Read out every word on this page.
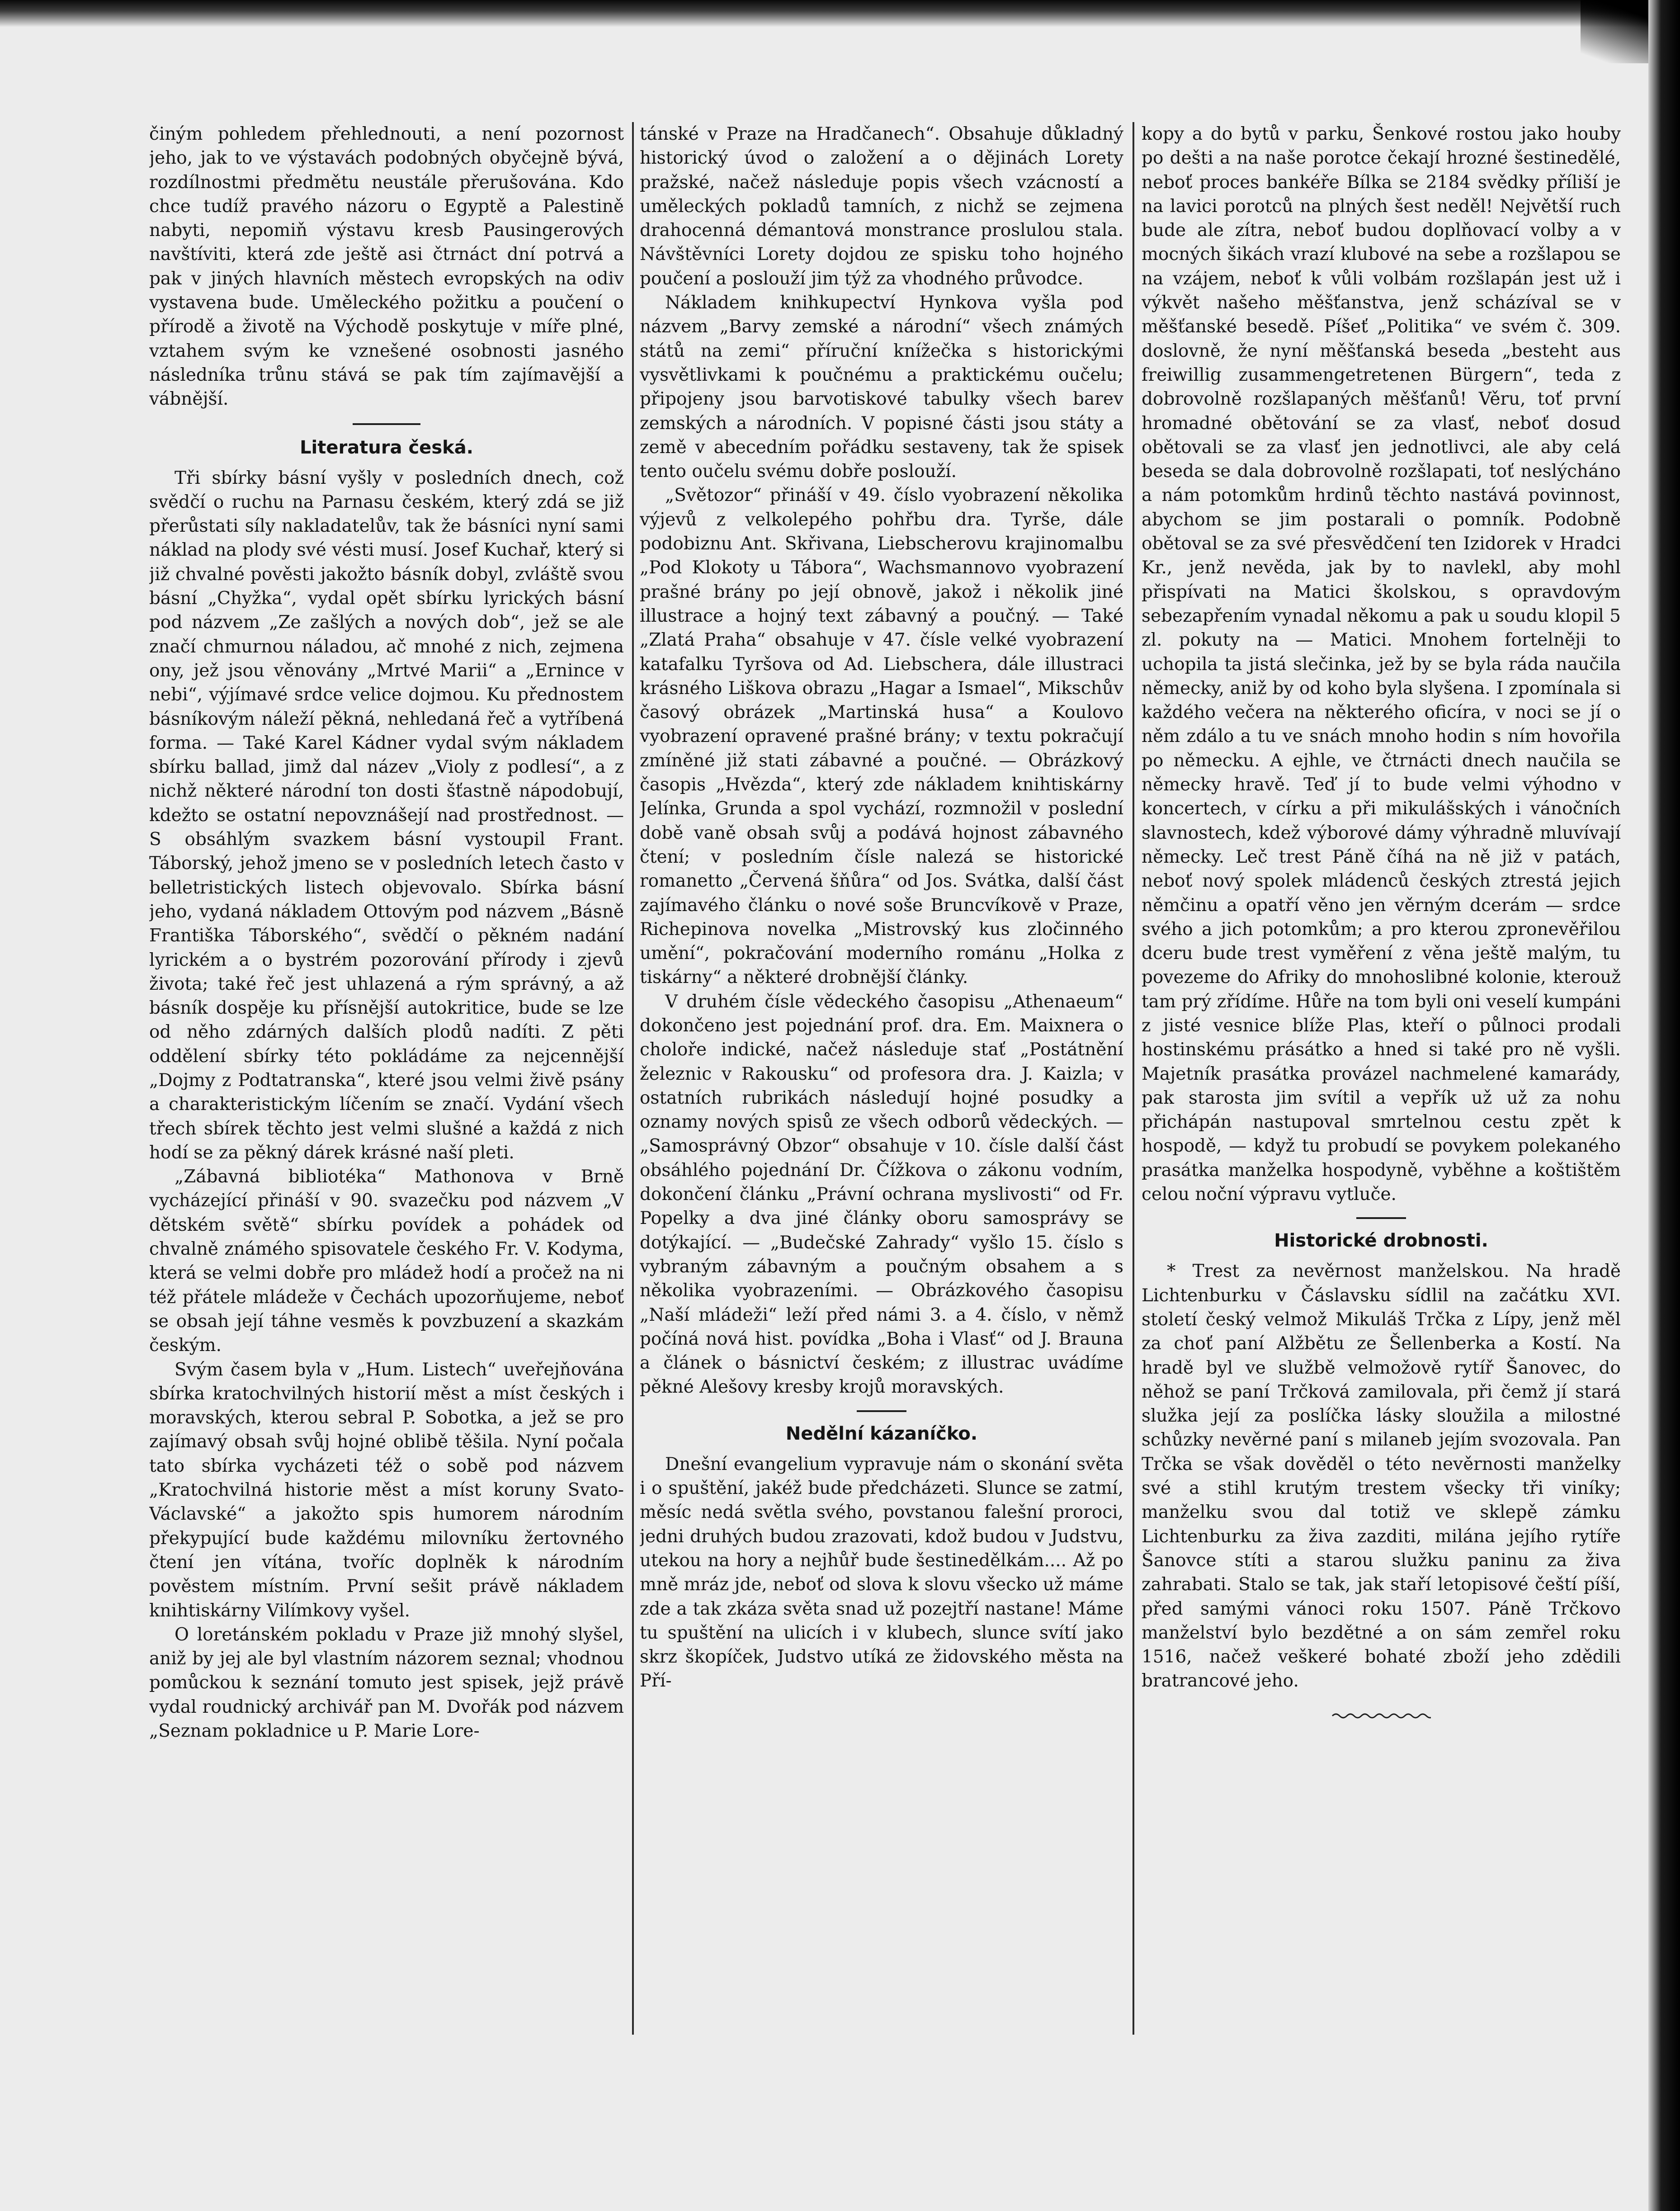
činým pohledem přehlednouti, a není pozornost jeho, jak to ve výstavách podobných obyčejně bývá, rozdílnostmi předmětu neustále přerušována. Kdo chce tudíž pravého názoru o Egyptě a Palestině nabyti, nepomiň výstavu kresb Pausingerových navštíviti, která zde ještě asi čtrnáct dní potrvá a pak v jiných hlavních městech evropských na odiv vystavena bude. Uměleckého požitku a poučení o přírodě a životě na Východě poskytuje v míře plné, vztahem svým ke vznešené osobnosti jasného následníka trůnu stává se pak tím zajímavější a vábnější.

Literatura česká.

Tři sbírky básní vyšly v posledních dnech, což svědčí o ruchu na Parnasu českém, který zdá se již přerůstati síly nakladatelův, tak že básníci nyní sami náklad na plody své vésti musí. Josef Kuchař, který si již chvalné pověsti jakožto básník dobyl, zvláště svou básní „Chyžka“, vydal opět sbírku lyrických básní pod názvem „Ze zašlých a nových dob“, jež se ale značí chmurnou náladou, ač mnohé z nich, zejmena ony, jež jsou věnovány „Mrtvé Marii“ a „Ernince v nebi“, výjímavé srdce velice dojmou. Ku přednostem básníkovým náleží pěkná, nehledaná řeč a vytříbená forma. — Také Karel Kádner vydal svým nákladem sbírku ballad, jimž dal název „Violy z podlesí“, a z nichž některé národní ton dosti šťastně nápodobují, kdežto se ostatní nepovznášejí nad prostřednost. — S obsáhlým svazkem básní vystoupil Frant. Táborský, jehož jmeno se v posledních letech často v belletristických listech objevovalo. Sbírka básní jeho, vydaná nákladem Ottovým pod názvem „Básně Františka Táborského“, svědčí o pěkném nadání lyrickém a o bystrém pozorování přírody i zjevů života; také řeč jest uhlazená a rým správný, a až básník dospěje ku přísnější autokritice, bude se lze od něho zdárných dalších plodů nadíti. Z pěti oddělení sbírky této pokládáme za nejcennější „Dojmy z Podtatranska“, které jsou velmi živě psány a charakteristickým líčením se značí. Vydání všech třech sbírek těchto jest velmi slušné a každá z nich hodí se za pěkný dárek krásné naší pleti.

„Zábavná bibliotéka“ Mathonova v Brně vycházející přináší v 90. svazečku pod názvem „V dětském světě“ sbírku povídek a pohádek od chvalně známého spisovatele českého Fr. V. Kodyma, která se velmi dobře pro mládež hodí a pročež na ni též přátele mládeže v Čechách upozorňujeme, neboť se obsah její táhne vesměs k povzbuzení a skazkám českým.

Svým časem byla v „Hum. Listech“ uveřejňována sbírka kratochvilných historií měst a míst českých i moravských, kterou sebral P. Sobotka, a jež se pro zajímavý obsah svůj hojné oblibě těšila. Nyní počala tato sbírka vycházeti též o sobě pod názvem „Kratochvilná historie měst a míst koruny Svato-Václavské“ a jakožto spis humorem národním překypující bude každému milovníku žertovného čtení jen vítána, tvoříc doplněk k národním pověstem místním. První sešit právě nákladem knihtiskárny Vilímkovy vyšel.

O loretánském pokladu v Praze již mnohý slyšel, aniž by jej ale byl vlastním názorem seznal; vhodnou pomůckou k seznání tomuto jest spisek, jejž právě vydal roudnický archivář pan M. Dvořák pod názvem „Seznam pokladnice u P. Marie Lore-

tánské v Praze na Hradčanech“. Obsahuje důkladný historický úvod o založení a o dějinách Lorety pražské, načež následuje popis všech vzácností a uměleckých pokladů tamních, z nichž se zejmena drahocenná démantová monstrance proslulou stala. Návštěvníci Lorety dojdou ze spisku toho hojného poučení a poslouží jim týž za vhodného průvodce.

Nákladem knihkupectví Hynkova vyšla pod názvem „Barvy zemské a národní“ všech známých států na zemi“ příruční knížečka s historickými vysvětlivkami k poučnému a praktickému oučelu; připojeny jsou barvotiskové tabulky všech barev zemských a národních. V popisné části jsou státy a země v abecedním pořádku sestaveny, tak že spisek tento oučelu svému dobře poslouží.

„Světozor“ přináší v 49. číslo vyobrazení několika výjevů z velkolepého pohřbu dra. Tyrše, dále podobiznu Ant. Skřivana, Liebscherovu krajinomalbu „Pod Klokoty u Tábora“, Wachsmannovo vyobrazení prašné brány po její obnově, jakož i několik jiné illustrace a hojný text zábavný a poučný. — Také „Zlatá Praha“ obsahuje v 47. čísle velké vyobrazení katafalku Tyršova od Ad. Liebschera, dále illustraci krásného Liškova obrazu „Hagar a Ismael“, Mikschův časový obrázek „Martinská husa“ a Koulovo vyobrazení opravené prašné brány; v textu pokračují zmíněné již stati zábavné a poučné. — Obrázkový časopis „Hvězda“, který zde nákladem knihtiskárny Jelínka, Grunda a spol vychází, rozmnožil v poslední době vaně obsah svůj a podává hojnost zábavného čtení; v posledním čísle nalezá se historické romanetto „Červená šňůra“ od Jos. Svátka, další část zajímavého článku o nové soše Bruncvíkově v Praze, Richepinova novelka „Mistrovský kus zločinného umění“, pokračování moderního románu „Holka z tiskárny“ a některé drobnější články.

V druhém čísle vědeckého časopisu „Athenaeum“ dokončeno jest pojednání prof. dra. Em. Maixnera o choloře indické, načež následuje stať „Postátnění železnic v Rakousku“ od profesora dra. J. Kaizla; v ostatních rubrikách následují hojné posudky a oznamy nových spisů ze všech odborů vědeckých. — „Samosprávný Obzor“ obsahuje v 10. čísle další část obsáhlého pojednání Dr. Čížkova o zákonu vodním, dokončení článku „Právní ochrana myslivosti“ od Fr. Popelky a dva jiné články oboru samosprávy se dotýkající. — „Budečské Zahrady“ vyšlo 15. číslo s vybraným zábavným a poučným obsahem a s několika vyobrazeními. — Obrázkového časopisu „Naší mládeži“ leží před námi 3. a 4. číslo, v němž počíná nová hist. povídka „Boha i Vlasť“ od J. Brauna a článek o básnictví českém; z illustrac uvádíme pěkné Alešovy kresby krojů moravských.

Nedělní kázaníčko.

Dnešní evangelium vypravuje nám o skonání světa i o spuštění, jakéž bude předcházeti. Slunce se zatmí, měsíc nedá světla svého, povstanou falešní proroci, jedni druhých budou zrazovati, kdož budou v Judstvu, utekou na hory a nejhůř bude šestinedělkám.... Až po mně mráz jde, neboť od slova k slovu všecko už máme zde a tak zkáza světa snad už pozejtří nastane! Máme tu spuštění na ulicích i v klubech, slunce svítí jako skrz škopíček, Judstvo utíká ze židovského města na Pří-

kopy a do bytů v parku, Šenkové rostou jako houby po dešti a na naše porotce čekají hrozné šestinedělé, neboť proces bankéře Bílka se 2184 svědky příliší je na lavici porotců na plných šest neděl! Největší ruch bude ale zítra, neboť budou doplňovací volby a v mocných šikách vrazí klubové na sebe a rozšlapou se na vzájem, neboť k vůli volbám rozšlapán jest už i výkvět našeho měšťanstva, jenž scházíval se v měšťanské besedě. Píšeť „Politika“ ve svém č. 309. doslovně, že nyní měšťanská beseda „besteht aus freiwillig zusammengetretenen Bürgern“, teda z dobrovolně rozšlapaných měšťanů! Věru, toť první hromadné obětování se za vlasť, neboť dosud obětovali se za vlasť jen jednotlivci, ale aby celá beseda se dala dobrovolně rozšlapati, toť neslýcháno a nám potomkům hrdinů těchto nastává povinnost, abychom se jim postarali o pomník. Podobně obětoval se za své přesvědčení ten Izidorek v Hradci Kr., jenž nevěda, jak by to navlekl, aby mohl přispívati na Matici školskou, s opravdovým sebezapřením vynadal někomu a pak u soudu klopil 5 zl. pokuty na — Matici. Mnohem fortelněji to uchopila ta jistá slečinka, jež by se byla ráda naučila německy, aniž by od koho byla slyšena. I zpomínala si každého večera na některého oficíra, v noci se jí o něm zdálo a tu ve snách mnoho hodin s ním hovořila po německu. A ejhle, ve čtrnácti dnech naučila se německy hravě. Teď jí to bude velmi výhodno v koncertech, v círku a při mikulášských i vánočních slavnostech, kdež výborové dámy výhradně mluvívají německy. Leč trest Páně číhá na ně již v patách, neboť nový spolek mládenců českých ztrestá jejich němčinu a opatří věno jen věrným dcerám — srdce svého a jich potomkům; a pro kterou zpronevěřilou dceru bude trest vyměření z věna ještě malým, tu povezeme do Afriky do mnohoslibné kolonie, kterouž tam prý zřídíme. Hůře na tom byli oni veselí kumpáni z jisté vesnice blíže Plas, kteří o půlnoci prodali hostinskému prásátko a hned si také pro ně vyšli. Majetník prasátka provázel nachmelené kamarády, pak starosta jim svítil a vepřík už už za nohu přichápán nastupoval smrtelnou cestu zpět k hospodě, — když tu probudí se povykem polekaného prasátka manželka hospodyně, vyběhne a koštištěm celou noční výpravu vytluče.

Historické drobnosti.

* Trest za nevěrnost manželskou. Na hradě Lichtenburku v Čáslavsku sídlil na začátku XVI. století český velmož Mikuláš Trčka z Lípy, jenž měl za choť paní Alžbětu ze Šellenberka a Kostí. Na hradě byl ve službě velmožově rytíř Šanovec, do něhož se paní Trčková zamilovala, při čemž jí stará služka její za poslíčka lásky sloužila a milostné schůzky nevěrné paní s milaneb jejím svozovala. Pan Trčka se však dověděl o této nevěrnosti manželky své a stihl krutým trestem všecky tři viníky; manželku svou dal totiž ve sklepě zámku Lichtenburku za živa zazditi, milána jejího rytíře Šanovce stíti a starou služku paninu za živa zahrabati. Stalo se tak, jak staří letopisové čeští píší, před samými vánoci roku 1507. Páně Trčkovo manželství bylo bezdětné a on sám zemřel roku 1516, načež veškeré bohaté zboží jeho zdědili bratrancové jeho.
